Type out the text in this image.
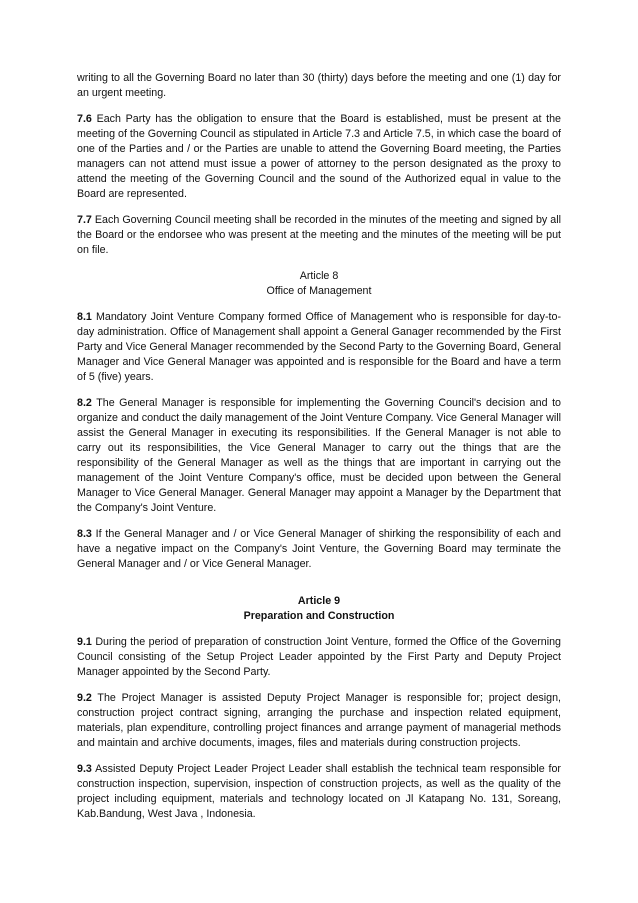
writing to all the Governing Board no later than 30 (thirty) days before the meeting and one (1) day for an urgent meeting.

7.6 Each Party has the obligation to ensure that the Board is established, must be present at the meeting of the Governing Council as stipulated in Article 7.3 and Article 7.5, in which case the board of one of the Parties and / or the Parties are unable to attend the Governing Board meeting, the Parties managers can not attend must issue a power of attorney to the person designated as the proxy to attend the meeting of the Governing Council and the sound of the Authorized equal in value to the Board are represented.

7.7 Each Governing Council meeting shall be recorded in the minutes of the meeting and signed by all the Board or the endorsee who was present at the meeting and the minutes of the meeting will be put on file.

Article 8
Office of Management

8.1 Mandatory Joint Venture Company formed Office of Management who is responsible for day-to-day administration. Office of Management shall appoint a General Ganager recommended by the First Party and Vice General Manager recommended by the Second Party to the Governing Board, General Manager and Vice General Manager was appointed and is responsible for the Board and have a term of 5 (five) years.

8.2 The General Manager is responsible for implementing the Governing Council's decision and to organize and conduct the daily management of the Joint Venture Company. Vice General Manager will assist the General Manager in executing its responsibilities. If the General Manager is not able to carry out its responsibilities, the Vice General Manager to carry out the things that are the responsibility of the General Manager as well as the things that are important in carrying out the management of the Joint Venture Company's office, must be decided upon between the General Manager to Vice General Manager. General Manager may appoint a Manager by the Department that the Company's Joint Venture.

8.3 If the General Manager and / or Vice General Manager of shirking the responsibility of each and have a negative impact on the Company's Joint Venture, the Governing Board may terminate the General Manager and / or Vice General Manager.

Article 9
Preparation and Construction

9.1 During the period of preparation of construction Joint Venture, formed the Office of the Governing Council consisting of the Setup Project Leader appointed by the First Party and Deputy Project Manager appointed by the Second Party.

9.2 The Project Manager is assisted Deputy Project Manager is responsible for; project design, construction project contract signing, arranging the purchase and inspection related equipment, materials, plan expenditure, controlling project finances and arrange payment of managerial methods and maintain and archive documents, images, files and materials during construction projects.

9.3 Assisted Deputy Project Leader Project Leader shall establish the technical team responsible for construction inspection, supervision, inspection of construction projects, as well as the quality of the project including equipment, materials and technology located on Jl Katapang No. 131, Soreang, Kab.Bandung, West Java , Indonesia.
